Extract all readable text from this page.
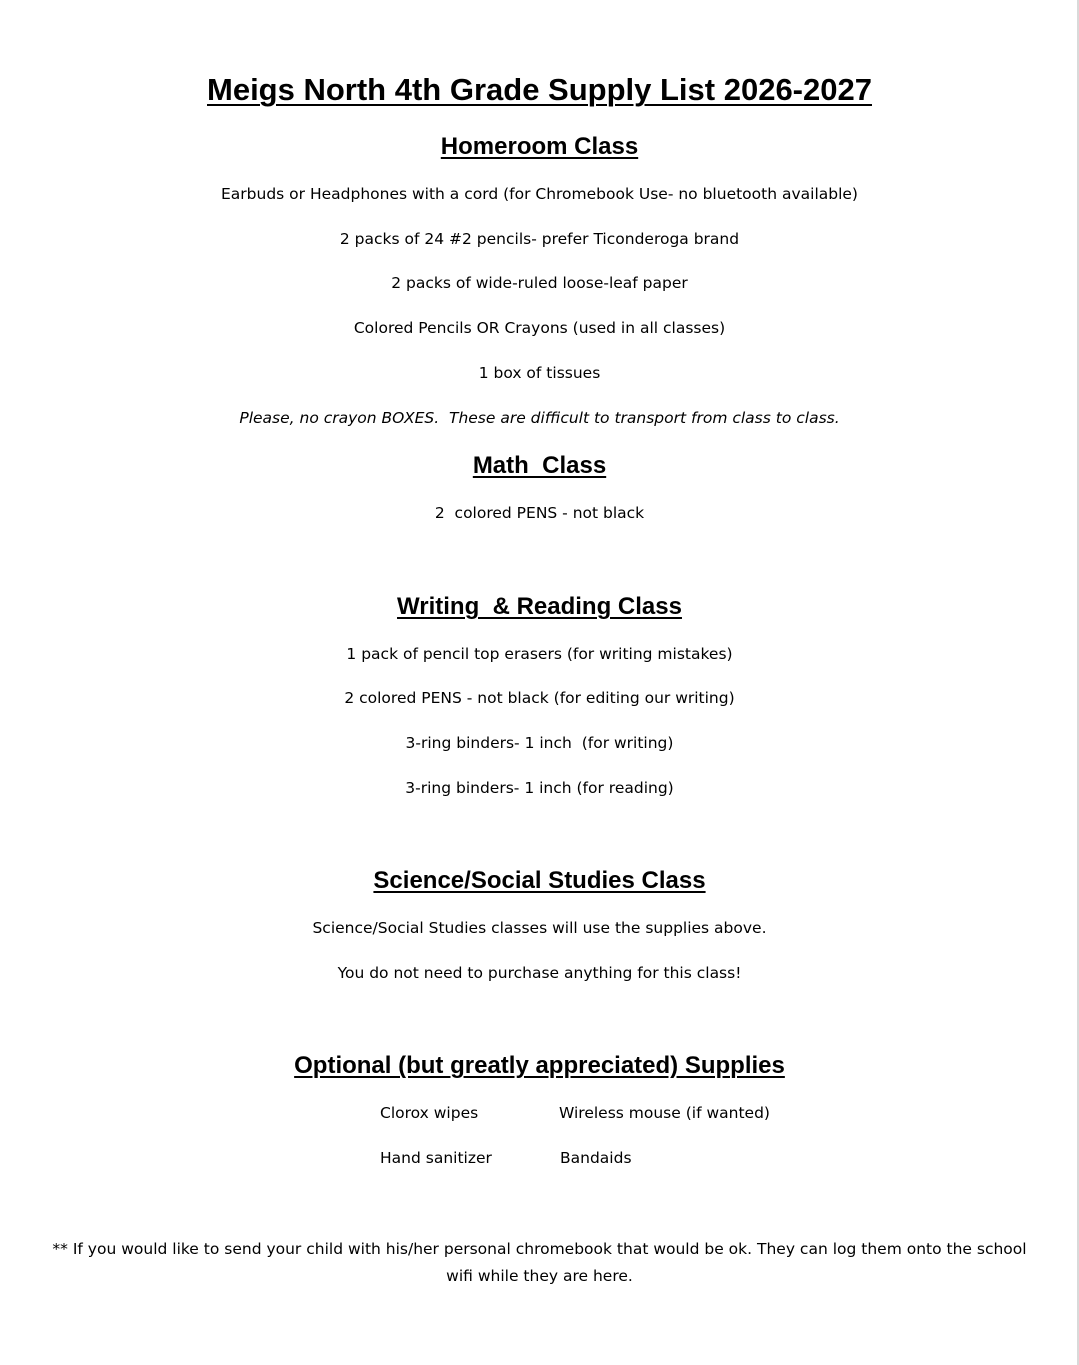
Meigs North 4th Grade Supply List 2026-2027
Homeroom Class
Earbuds or Headphones with a cord (for Chromebook Use- no bluetooth available)
2 packs of 24 #2 pencils- prefer Ticonderoga brand
2 packs of wide-ruled loose-leaf paper
Colored Pencils OR Crayons (used in all classes)
1 box of tissues
Please, no crayon BOXES.  These are difficult to transport from class to class.
Math  Class
2  colored PENS - not black
Writing  & Reading Class
1 pack of pencil top erasers (for writing mistakes)
2 colored PENS - not black (for editing our writing)
3-ring binders- 1 inch  (for writing)
3-ring binders- 1 inch (for reading)
Science/Social Studies Class
Science/Social Studies classes will use the supplies above.
You do not need to purchase anything for this class!
Optional (but greatly appreciated) Supplies
Clorox wipes	Wireless mouse (if wanted)
Hand sanitizer	Bandaids
** If you would like to send your child with his/her personal chromebook that would be ok. They can log them onto the school wifi while they are here.
